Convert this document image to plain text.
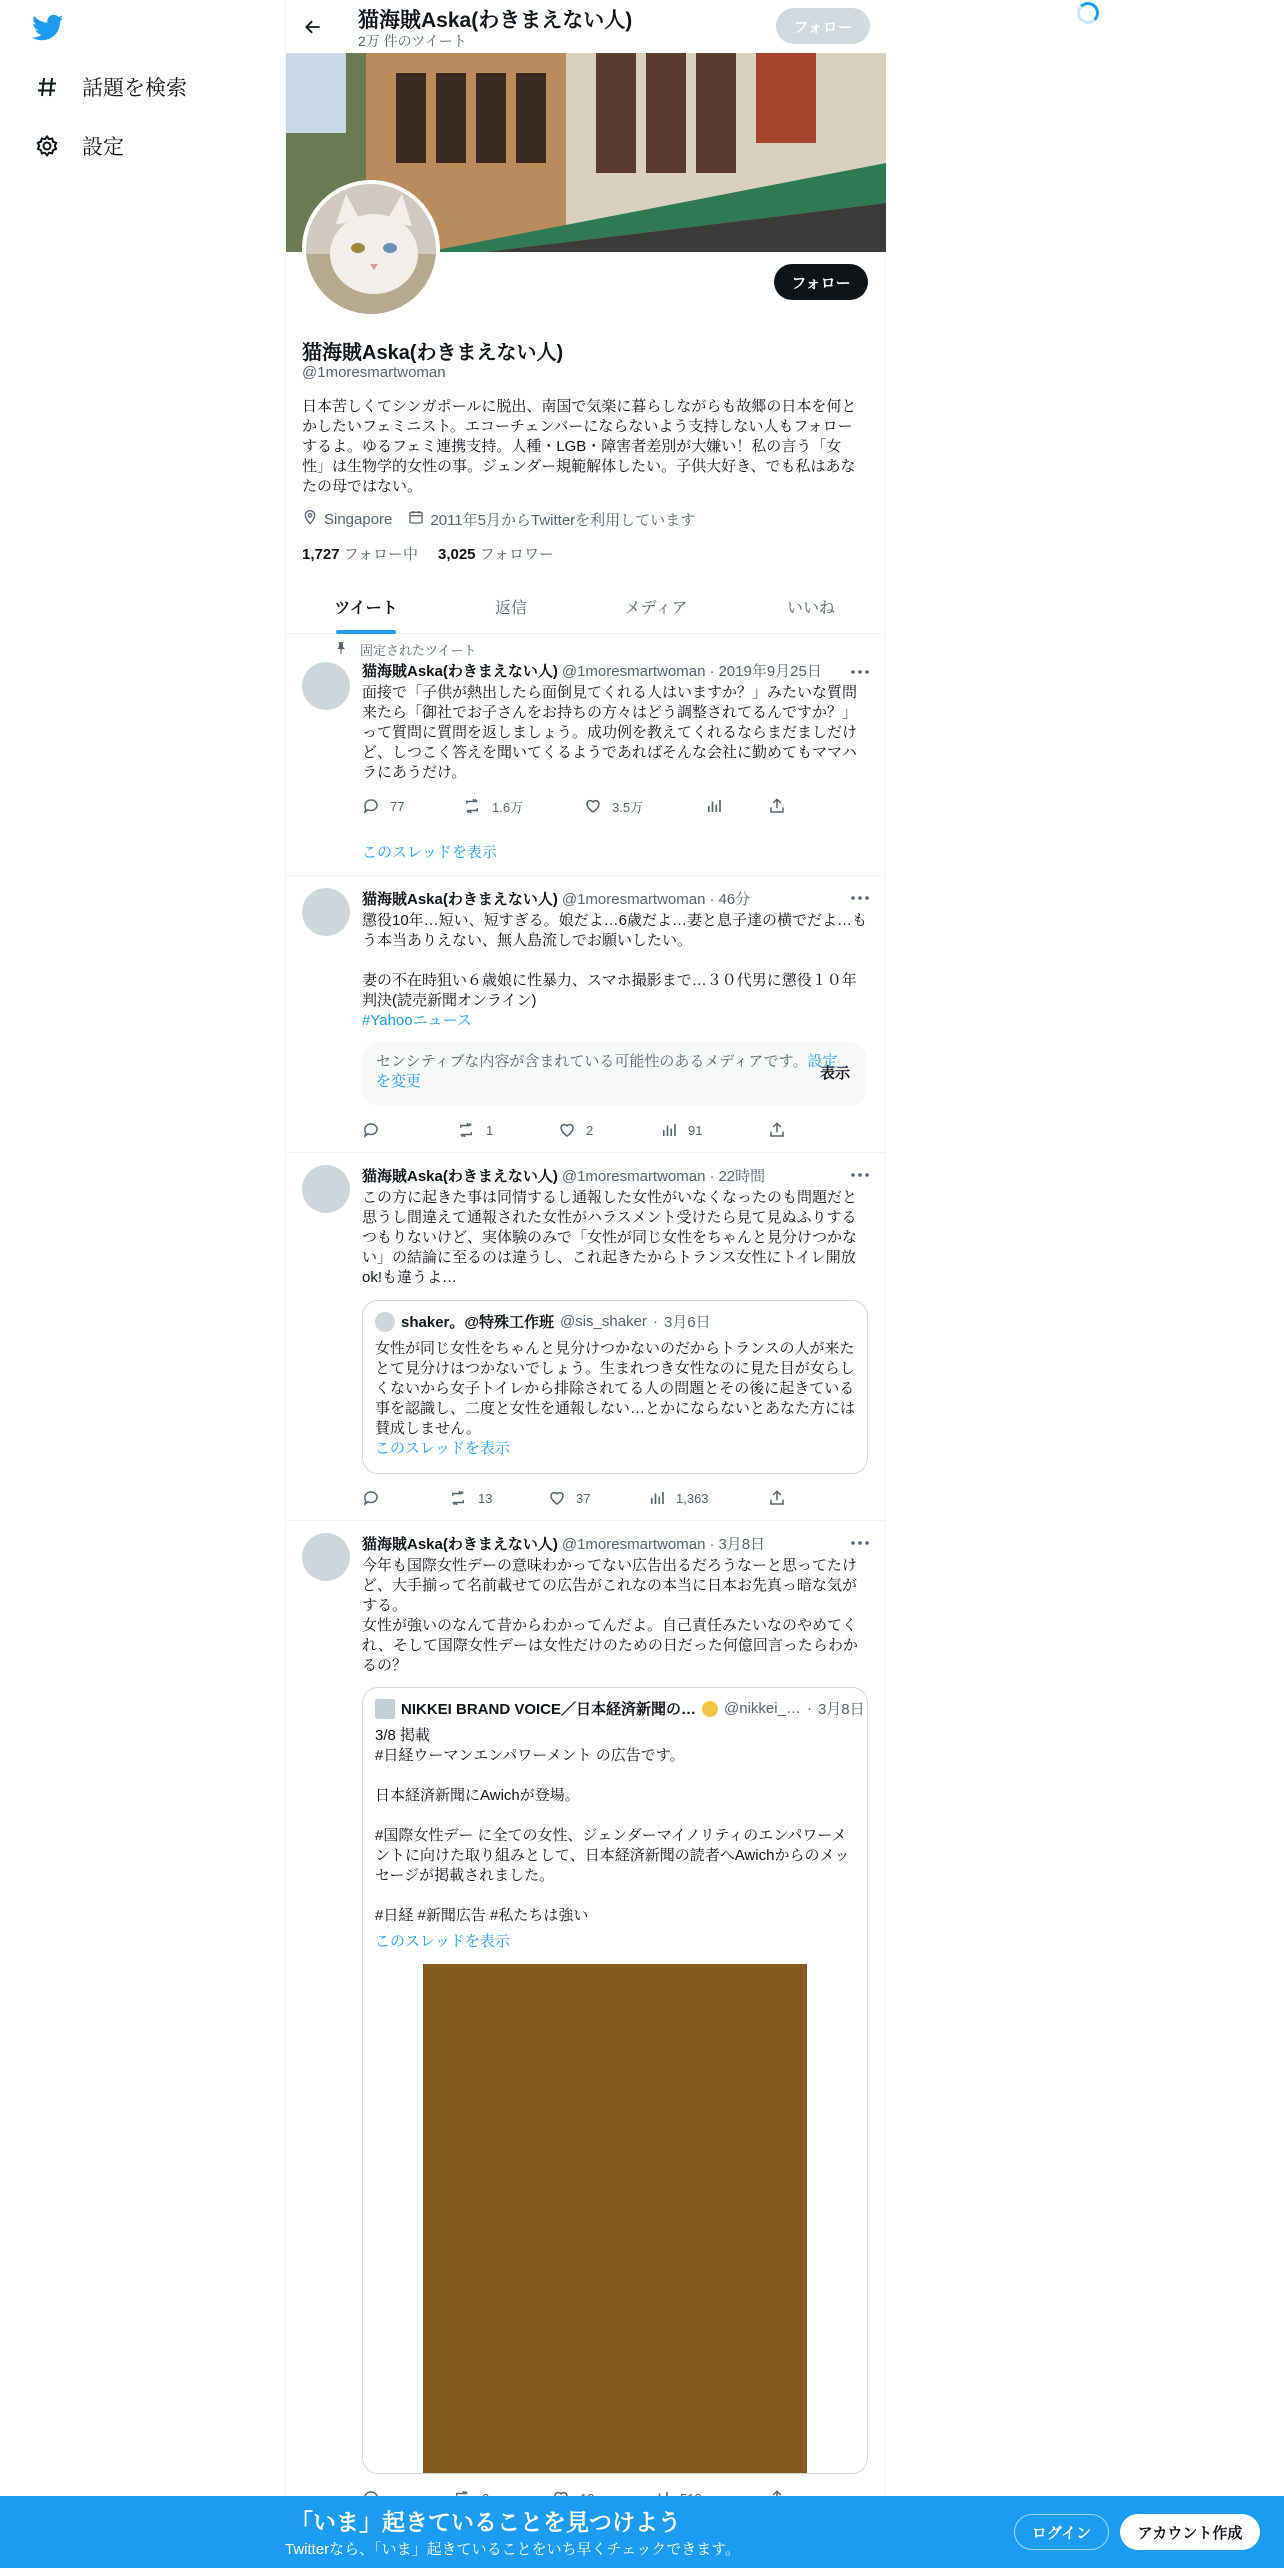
話題を検索
設定
猫海賊Aska(わきまえない人)
2万 件のツイート
フォロー
フォロー
猫海賊Aska(わきまえない人)
@1moresmartwoman
日本苦しくてシンガポールに脱出、南国で気楽に暮らしながらも故郷の日本を何とかしたいフェミニスト。エコーチェンバーにならないよう支持しない人もフォローするよ。ゆるフェミ連携支持。人種・LGB・障害者差別が大嫌い！私の言う「女性」は生物学的女性の事。ジェンダー規範解体したい。子供大好き、でも私はあなたの母ではない。
Singapore	2011年5月からTwitterを利用しています
1,727 フォロー中 3,025 フォロワー
ツイート	返信	メディア	いいね
固定されたツイート
猫海賊Aska(わきまえない人) @1moresmartwoman · 2019年9月25日
面接で「子供が熱出したら面倒見てくれる人はいますか？」みたいな質問来たら「御社でお子さんをお持ちの方々はどう調整されてるんですか？」って質問に質問を返しましょう。成功例を教えてくれるならまだましだけど、しつこく答えを聞いてくるようであればそんな会社に勤めてもママハラにあうだけ。
77	1.6万	3.5万
このスレッドを表示
猫海賊Aska(わきまえない人) @1moresmartwoman · 46分
懲役10年…短い、短すぎる。娘だよ…6歳だよ…妻と息子達の横でだよ…もう本当ありえない、無人島流しでお願いしたい。

妻の不在時狙い６歳娘に性暴力、スマホ撮影まで…３０代男に懲役１０年判決(読売新聞オンライン)
#Yahooニュース
センシティブな内容が含まれている可能性のあるメディアです。設定を変更	表示
1	2	91
猫海賊Aska(わきまえない人) @1moresmartwoman · 22時間
この方に起きた事は同情するし通報した女性がいなくなったのも問題だと思うし間違えて通報された女性がハラスメント受けたら見て見ぬふりするつもりないけど、実体験のみで「女性が同じ女性をちゃんと見分けつかない」の結論に至るのは違うし、これ起きたからトランス女性にトイレ開放ok!も違うよ…
shaker。@特殊工作班 @sis_shaker · 3月6日
女性が同じ女性をちゃんと見分けつかないのだからトランスの人が来たとて見分けはつかないでしょう。生まれつき女性なのに見た目が女らしくないから女子トイレから排除されてる人の問題とその後に起きている事を認識し、二度と女性を通報しない…とかにならないとあなた方には賛成しません。
このスレッドを表示
13	37	1,363
猫海賊Aska(わきまえない人) @1moresmartwoman · 3月8日
今年も国際女性デーの意味わかってない広告出るだろうなーと思ってたけど、大手揃って名前載せての広告がこれなの本当に日本お先真っ暗な気がする。
女性が強いのなんて昔からわかってんだよ。自己責任みたいなのやめてくれ、そして国際女性デーは女性だけのための日だった何億回言ったらわかるの？
NIKKEI BRAND VOICE／日本経済新聞の… @nikkei_… · 3月8日
3/8 掲載
#日経ウーマンエンパワーメント の広告です。

日本経済新聞にAwichが登場。

#国際女性デー に全ての女性、ジェンダーマイノリティのエンパワーメントに向けた取り組みとして、日本経済新聞の読者へAwichからのメッセージが掲載されました。

#日経 #新聞広告 #私たちは強い
このスレッドを表示
「いま」起きていることを見つけよう
Twitterなら、「いま」起きていることをいち早くチェックできます。
ログイン	アカウント作成
